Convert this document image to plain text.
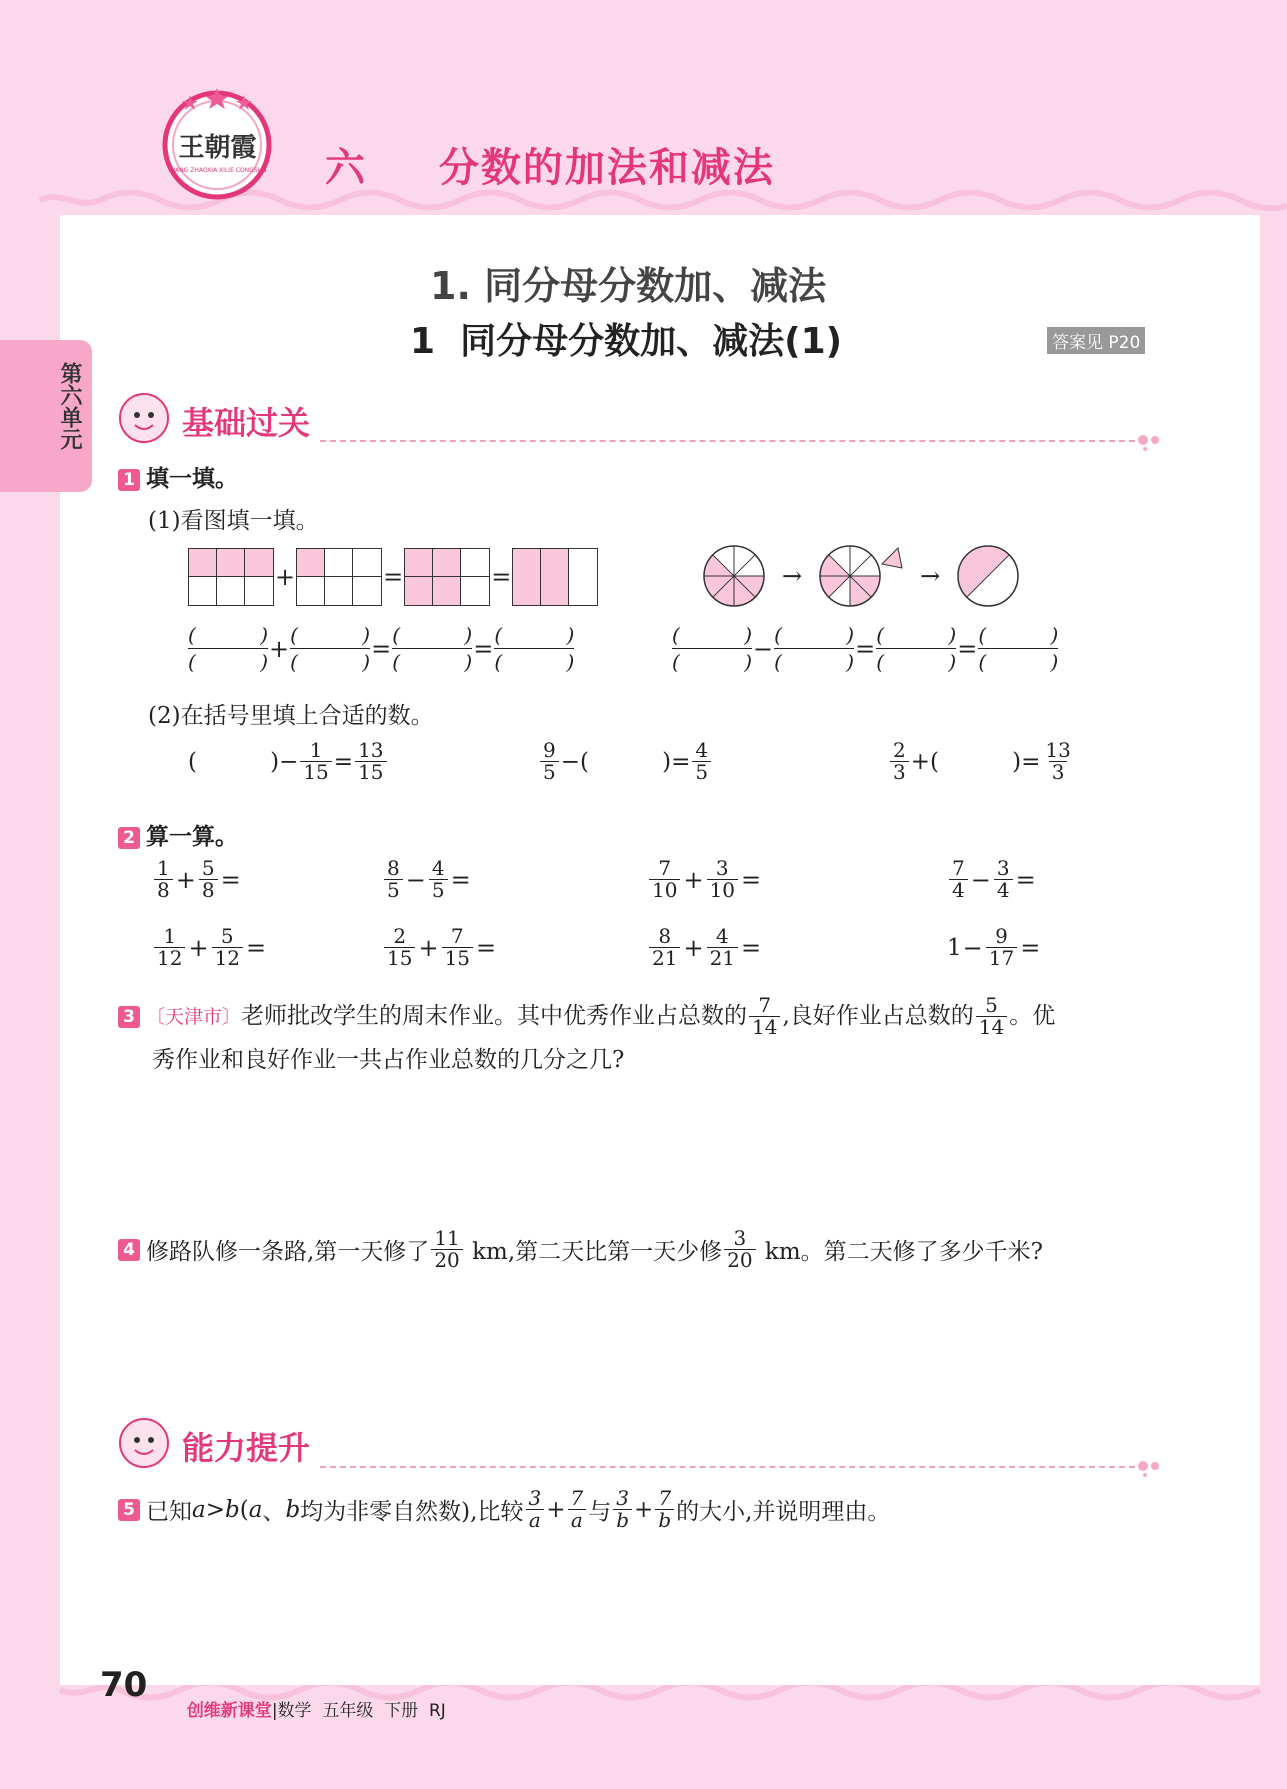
王朝霞
WANG ZHAOXIA XILIE CONGSHU 六 分数的加法和减法
第六单元
1. 同分母分数加、减法
1  同分母分数加、减法(1)	答案见 P20
基础过关
1 填一填。
(1)看图填一填。
+	=	=	→	→
(	)
(	) + (	)
(	) = (	)
(	) = (	)
(	)
(	)
(	) − (	)
(	) = (	)
(	) = (	)
(	)
(2)在括号里填上合适的数。
(          )− $\frac{1}{15} = \frac{13}{15}$	$\frac{9}{5}$ −(          )= $\frac{4}{5}$	$\frac{2}{3}$ +(          )= $\frac{13}{3}$
2 算一算。
$\frac{1}{8} + \frac{5}{8}$ =	$\frac{8}{5} - \frac{4}{5}$ =	$\frac{7}{10} + \frac{3}{10}$ =	$\frac{7}{4} - \frac{3}{4}$ =
$\frac{1}{12} + \frac{5}{12}$ =	$\frac{2}{15} + \frac{7}{15}$ =	$\frac{8}{21} + \frac{4}{21}$ =	$1 - \frac{9}{17}$ =
3 〔天津市〕 老师批改学生的周末作业。其中优秀作业占总数的 $\frac{7}{14}$ ,良好作业占总数的 $\frac{5}{14}$ 。优
秀作业和良好作业一共占作业总数的几分之几?
4 修路队修一条路,第一天修了 $\frac{11}{20}$ km,第二天比第一天少修 $\frac{3}{20}$ km。第二天修了多少千米?
能力提升
5 已知 a > b ( a 、 b 均为非零自然数),比较 $\frac{3}{a} + \frac{7}{a}$ 与 $\frac{3}{b} + \frac{7}{b}$ 的大小,并说明理由。
70

创维新课堂|数学  五年级  下册  RJ
